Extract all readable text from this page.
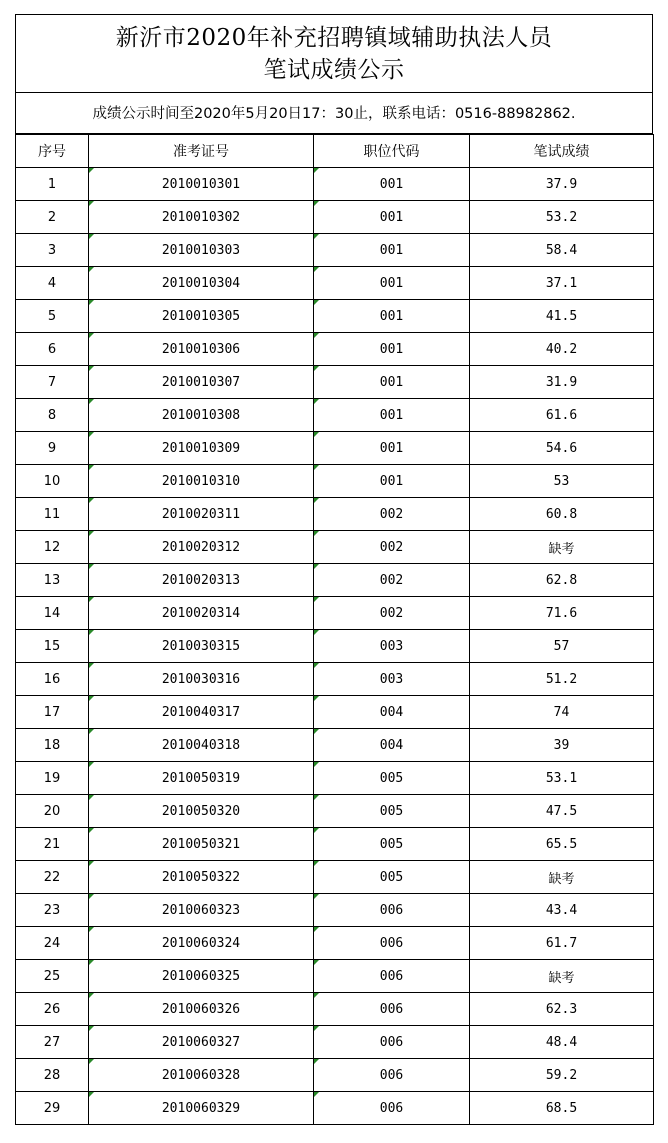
新沂市2020年补充招聘镇域辅助执法人员
笔试成绩公示
成绩公示时间至2020年5月20日17：30止，联系电话：0516-88982862.
序号	准考证号	职位代码	笔试成绩
1	2010010301	001	37.9
2	2010010302	001	53.2
3	2010010303	001	58.4
4	2010010304	001	37.1
5	2010010305	001	41.5
6	2010010306	001	40.2
7	2010010307	001	31.9
8	2010010308	001	61.6
9	2010010309	001	54.6
10	2010010310	001	53
11	2010020311	002	60.8
12	2010020312	002	缺考
13	2010020313	002	62.8
14	2010020314	002	71.6
15	2010030315	003	57
16	2010030316	003	51.2
17	2010040317	004	74
18	2010040318	004	39
19	2010050319	005	53.1
20	2010050320	005	47.5
21	2010050321	005	65.5
22	2010050322	005	缺考
23	2010060323	006	43.4
24	2010060324	006	61.7
25	2010060325	006	缺考
26	2010060326	006	62.3
27	2010060327	006	48.4
28	2010060328	006	59.2
29	2010060329	006	68.5
